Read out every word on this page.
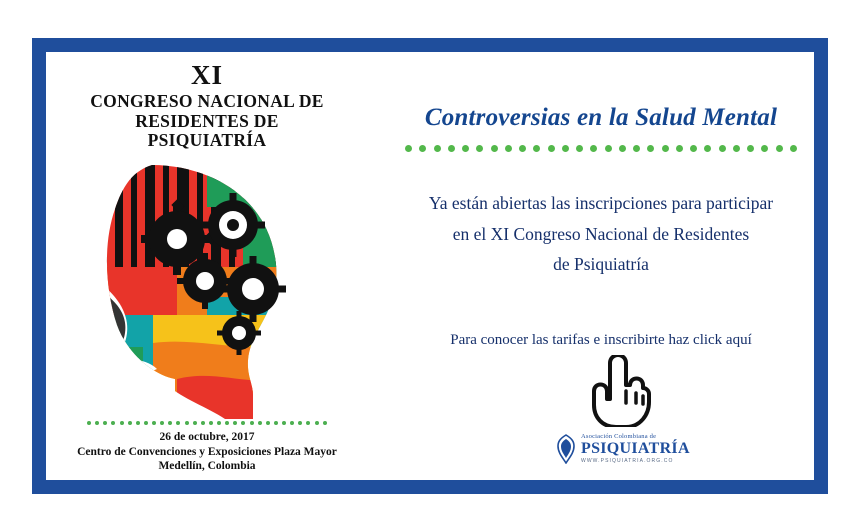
XI
CONGRESO NACIONAL DE
RESIDENTES DE
PSIQUIATRÍA
26 de octubre, 2017
Centro de Convenciones y Exposiciones Plaza Mayor
Medellín, Colombia
Controversias en la Salud Mental
Ya están abiertas las inscripciones para participar
en el XI Congreso Nacional de Residentes
de Psiquiatría
Para conocer las tarifas e inscribirte haz click aquí
Asociación Colombiana de
PSIQUIATRÍA
WWW.PSIQUIATRIA.ORG.CO
